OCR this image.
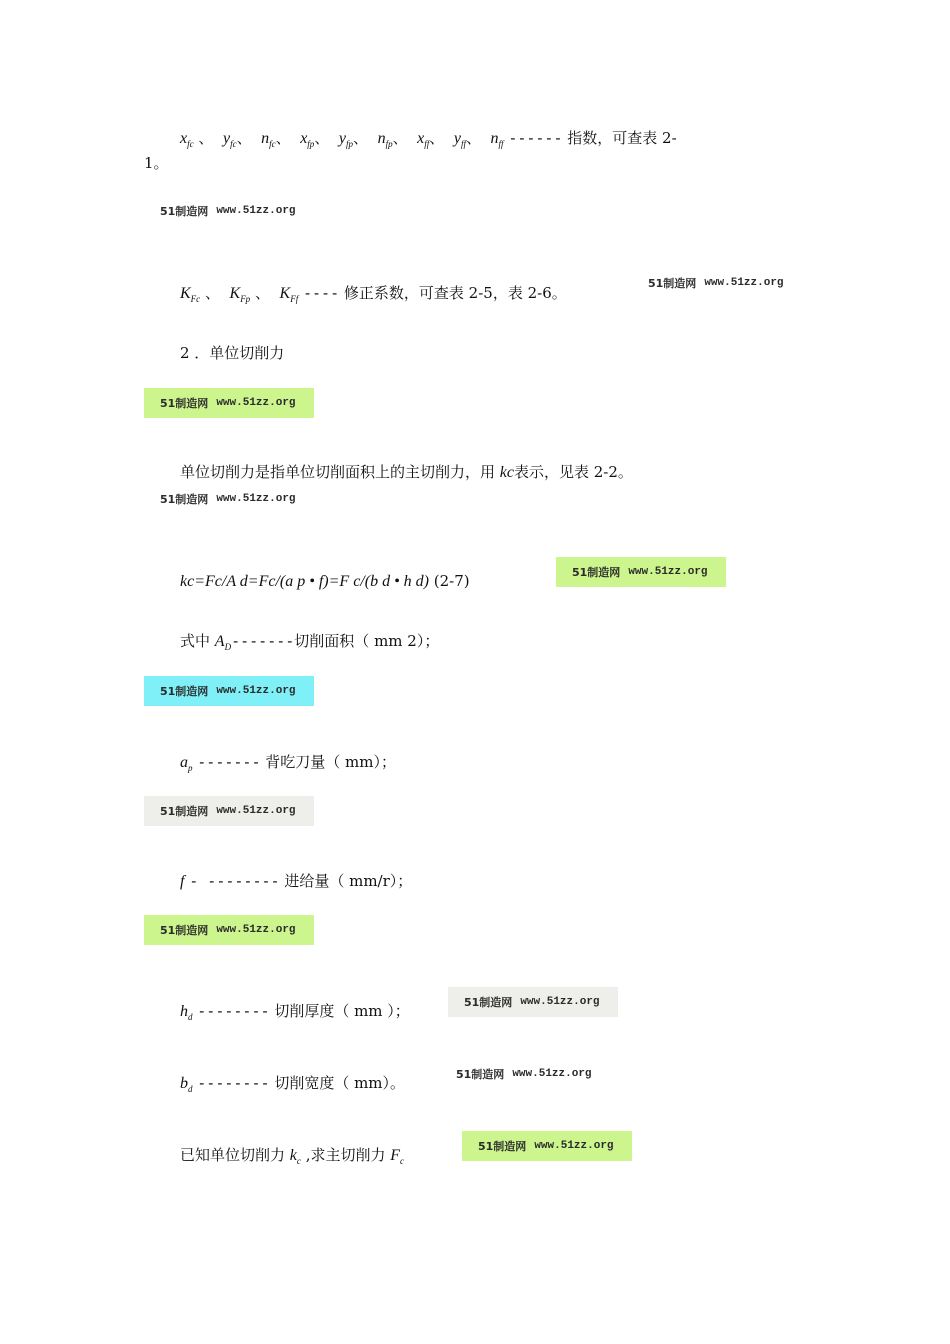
$x_{fc}$ 、 $y_{fc}$、 $n_{fc}$、 $x_{fp}$、 $y_{fp}$、 $n_{fp}$、 $x_{ff}$、 $y_{ff}$、 $n_{ff}$ ------ 指数，可查表 2-
1。
51制造网 www.51zz.org
$K_{Fc}$ 、 $K_{Fp}$ 、 $K_{Ff}$ ---- 修正系数，可查表 2-5，表 2-6。
51制造网 www.51zz.org
2 ．单位切削力
51制造网 www.51zz.org
单位切削力是指单位切削面积上的主切削力，用 kc表示，见表 2-2。
51制造网 www.51zz.org
kc=Fc/A d=Fc/(a p • f)=F c/(b d • h d) (2-7)	51制造网 www.51zz.org
式中 $A_D-------$切削面积（ mm 2）；
51制造网 www.51zz.org
$a_p$ ------- 背吃刀量（ mm）；
51制造网 www.51zz.org
f - -------- 进给量（ mm/r）；
51制造网 www.51zz.org
$h_d$ -------- 切削厚度（ mm ）；	51制造网 www.51zz.org
$b_d$ -------- 切削宽度（ mm）。	51制造网 www.51zz.org
已知单位切削力 $k_c$ ,求主切削力 $F_c$
51制造网 www.51zz.org
